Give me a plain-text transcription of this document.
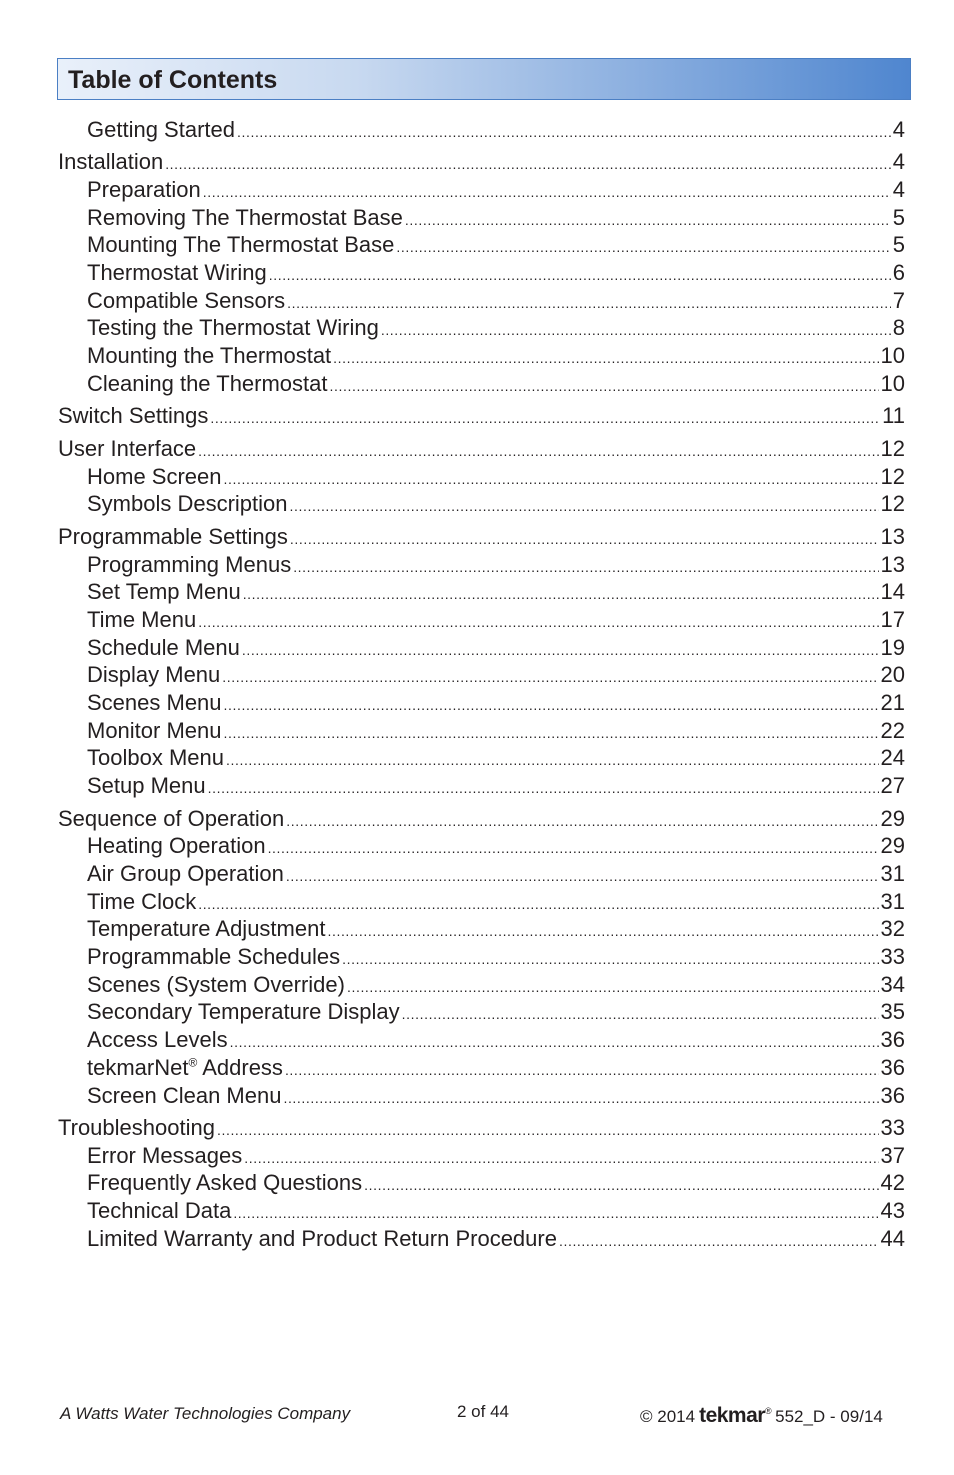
Table of Contents
Getting Started .....	4
Installation .....	4
Preparation .....	4
Removing The Thermostat Base .....	5
Mounting The Thermostat Base .....	5
Thermostat Wiring .....	6
Compatible Sensors .....	7
Testing the Thermostat Wiring .....	8
Mounting the Thermostat .....	10
Cleaning the Thermostat .....	10
Switch Settings .....	11
User Interface .....	12
Home Screen .....	12
Symbols Description .....	12
Programmable Settings .....	13
Programming Menus .....	13
Set Temp Menu .....	14
Time Menu .....	17
Schedule Menu .....	19
Display Menu .....	20
Scenes Menu .....	21
Monitor Menu .....	22
Toolbox Menu .....	24
Setup Menu .....	27
Sequence of Operation .....	29
Heating Operation .....	29
Air Group Operation .....	31
Time Clock .....	31
Temperature Adjustment .....	32
Programmable Schedules .....	33
Scenes (System Override) .....	34
Secondary Temperature Display .....	35
Access Levels .....	36
tekmarNet® Address .....	36
Screen Clean Menu .....	36
Troubleshooting .....	33
Error Messages .....	37
Frequently Asked Questions .....	42
Technical Data .....	43
Limited Warranty and Product Return Procedure .....	44
A Watts Water Technologies Company	2 of 44	© 2014 tekmar® 552_D - 09/14
